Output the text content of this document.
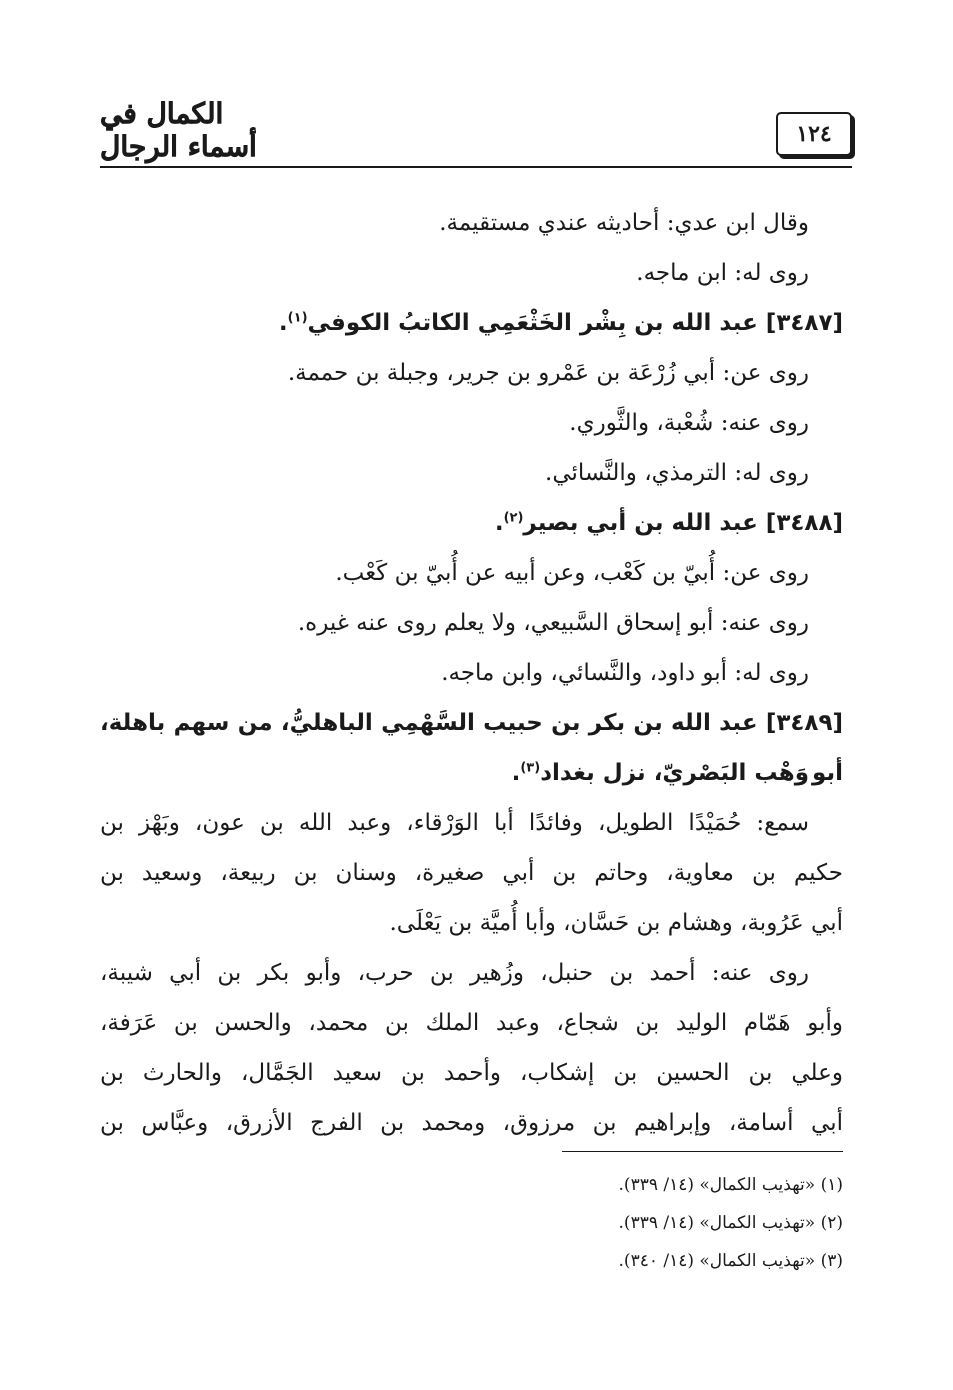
الكمال في أسماء الرجال	١٢٤
وقال ابن عدي: أحاديثه عندي مستقيمة.
روى له: ابن ماجه.
[٣٤٨٧] عبد الله بن بِشْر الخَثْعَمِي الكاتبُ الكوفي$^{(١)}$.
روى عن: أبي زُرْعَة بن عَمْرو بن جرير، وجبلة بن حممة.
روى عنه: شُعْبة، والثَّوري.
روى له: الترمذي، والنَّسائي.
[٣٤٨٨] عبد الله بن أبي بصير$^{(٢)}$.
روى عن: أُبيّ بن كَعْب، وعن أبيه عن أُبيّ بن كَعْب.
روى عنه: أبو إسحاق السَّبيعي، ولا يعلم روى عنه غيره.
روى له: أبو داود، والنَّسائي، وابن ماجه.
[٣٤٨٩] عبد الله بن بكر بن حبيب السَّهْمِي الباهليُّ، من سهم باهلة، أبو
وَهْب البَصْريّ، نزل بغداد$^{(٣)}$.
سمع: حُمَيْدًا الطويل، وفائدًا أبا الوَرْقاء، وعبد الله بن عون، وبَهْز بن
حكيم بن معاوية، وحاتم بن أبي صغيرة، وسنان بن ربيعة، وسعيد بن
أبي عَرُوبة، وهشام بن حَسَّان، وأبا أُميَّة بن يَعْلَى.
روى عنه: أحمد بن حنبل، وزُهير بن حرب، وأبو بكر بن أبي شيبة،
وأبو هَمّام الوليد بن شجاع، وعبد الملك بن محمد، والحسن بن عَرَفة،
وعلي بن الحسين بن إشكاب، وأحمد بن سعيد الجَمَّال، والحارث بن
أبي أسامة، وإبراهيم بن مرزوق، ومحمد بن الفرج الأزرق، وعبَّاس بن
(١) «تهذيب الكمال» (١٤/ ٣٣٩).
(٢) «تهذيب الكمال» (١٤/ ٣٣٩).
(٣) «تهذيب الكمال» (١٤/ ٣٤٠).
